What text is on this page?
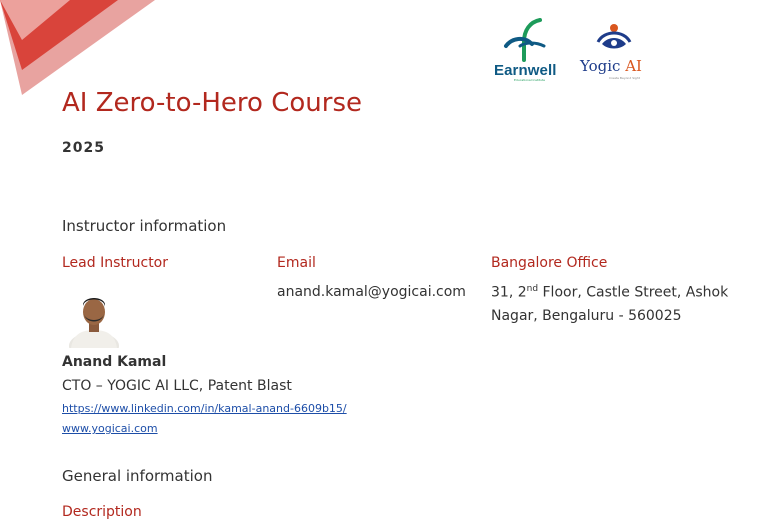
Earnwell
Educational Institute
Yogic AI
Create Beyond Sight
AI Zero-to-Hero Course
2025
Instructor information
Lead Instructor	Email	Bangalore Office
anand.kamal@yogicai.com 31, 2nd Floor, Castle Street, Ashok
Nagar, Bengaluru - 560025
Anand Kamal
CTO – YOGIC AI LLC, Patent Blast
https://www.linkedin.com/in/kamal-anand-6609b15/
www.yogicai.com
General information
Description
